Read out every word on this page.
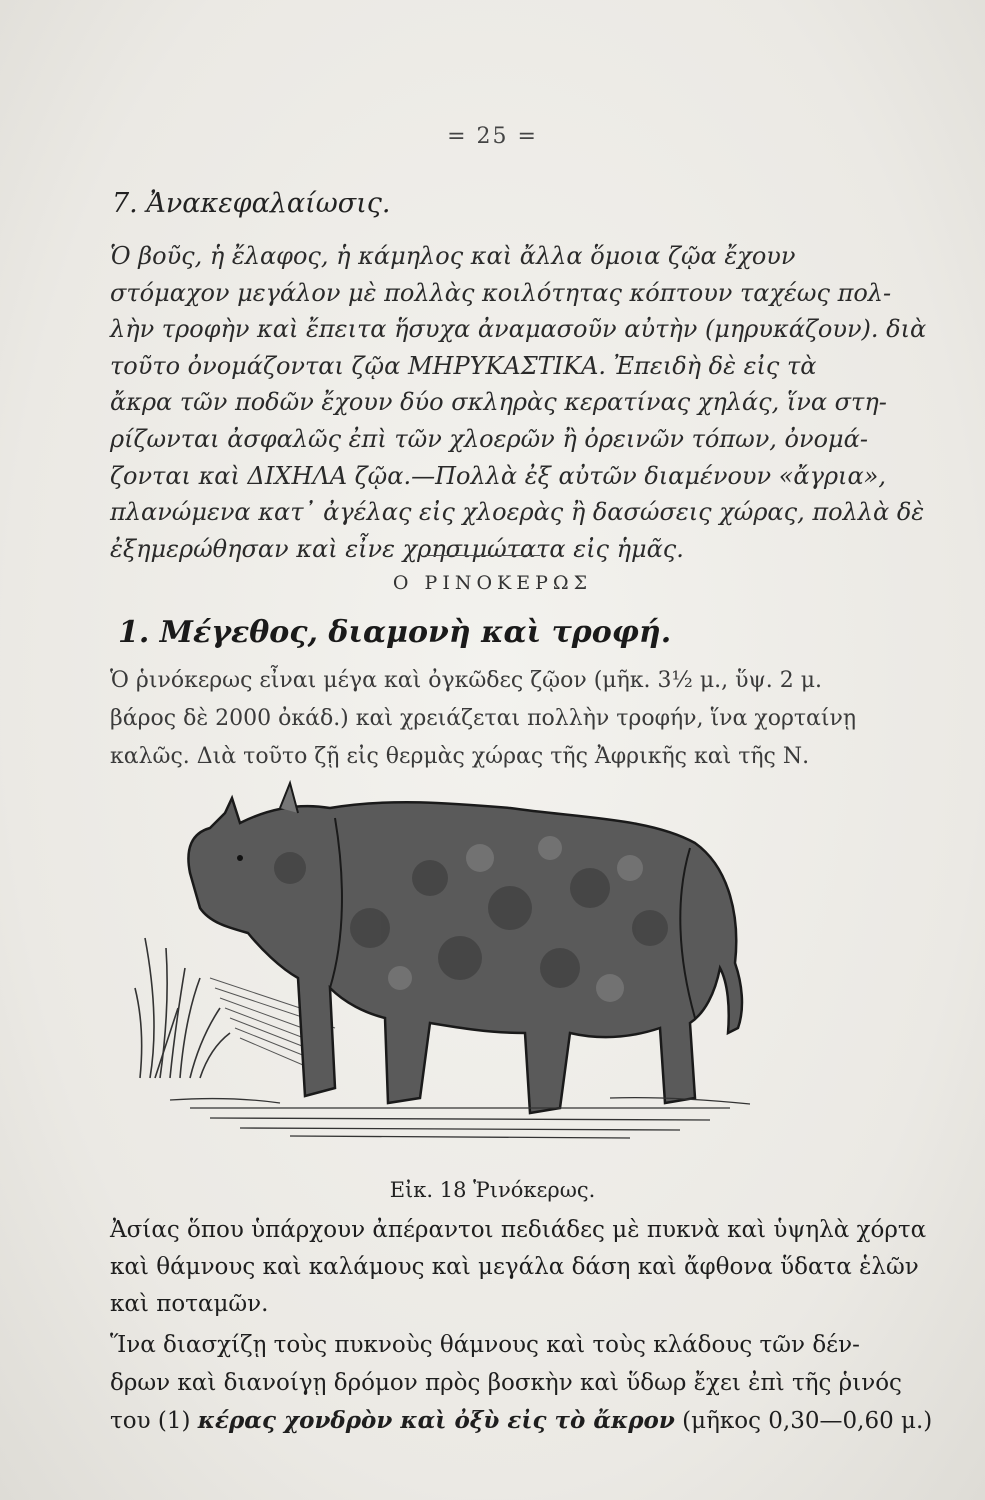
= 25 =
7. Ἀνακεφαλαίωσις.
Ὁ βοῦς, ἡ ἔλαφος, ἡ κάμηλος καὶ ἄλλα ὅμοια ζῷα ἔχουν
στόμαχον μεγάλον μὲ πολλὰς κοιλότητας κόπτουν ταχέως πολ-
λὴν τροφὴν καὶ ἔπειτα ἥσυχα ἀναμασοῦν αὐτὴν (μηρυκάζουν). διὰ
τοῦτο ὀνομάζονται ζῷα ΜΗΡΥΚΑΣΤΙΚΑ. Ἐπειδὴ δὲ εἰς τὰ
ἄκρα τῶν ποδῶν ἔχουν δύο σκληρὰς κερατίνας χηλάς, ἵνα στη-
ρίζωνται ἀσφαλῶς ἐπὶ τῶν χλοερῶν ἢ ὀρεινῶν τόπων, ὀνομά-
ζονται καὶ ΔΙΧΗΛΑ ζῷα.—Πολλὰ ἐξ αὐτῶν διαμένουν «ἄγρια»,
πλανώμενα κατ᾽ ἀγέλας εἰς χλοερὰς ἢ δασώσεις χώρας, πολλὰ δὲ
ἐξημερώθησαν καὶ εἶνε χρησιμώτατα εἰς ἡμᾶς.
Ο ΡΙΝΟΚΕΡΩΣ
1. Μέγεθος, διαμονὴ καὶ τροφή.
Ὁ ῥινόκερως εἶναι μέγα καὶ ὀγκῶδες ζῷον (μῆκ. 3½ μ., ὕψ. 2 μ.
βάρος δὲ 2000 ὀκάδ.) καὶ χρειάζεται πολλὴν τροφήν, ἵνα χορταίνῃ
καλῶς. Διὰ τοῦτο ζῇ εἰς θερμὰς χώρας τῆς Ἀφρικῆς καὶ τῆς Ν.
Εἰκ. 18 Ῥινόκερως.
Ἀσίας ὅπου ὑπάρχουν ἀπέραντοι πεδιάδες μὲ πυκνὰ καὶ ὑψηλὰ χόρτα
καὶ θάμνους καὶ καλάμους καὶ μεγάλα δάση καὶ ἄφθονα ὕδατα ἑλῶν
καὶ ποταμῶν.
Ἵνα διασχίζῃ τοὺς πυκνοὺς θάμνους καὶ τοὺς κλάδους τῶν δέν-
δρων καὶ διανοίγῃ δρόμον πρὸς βοσκὴν καὶ ὕδωρ ἔχει ἐπὶ τῆς ῥινός
του (1) κέρας χονδρὸν καὶ ὀξὺ εἰς τὸ ἄκρον (μῆκος 0,30—0,60 μ.)
